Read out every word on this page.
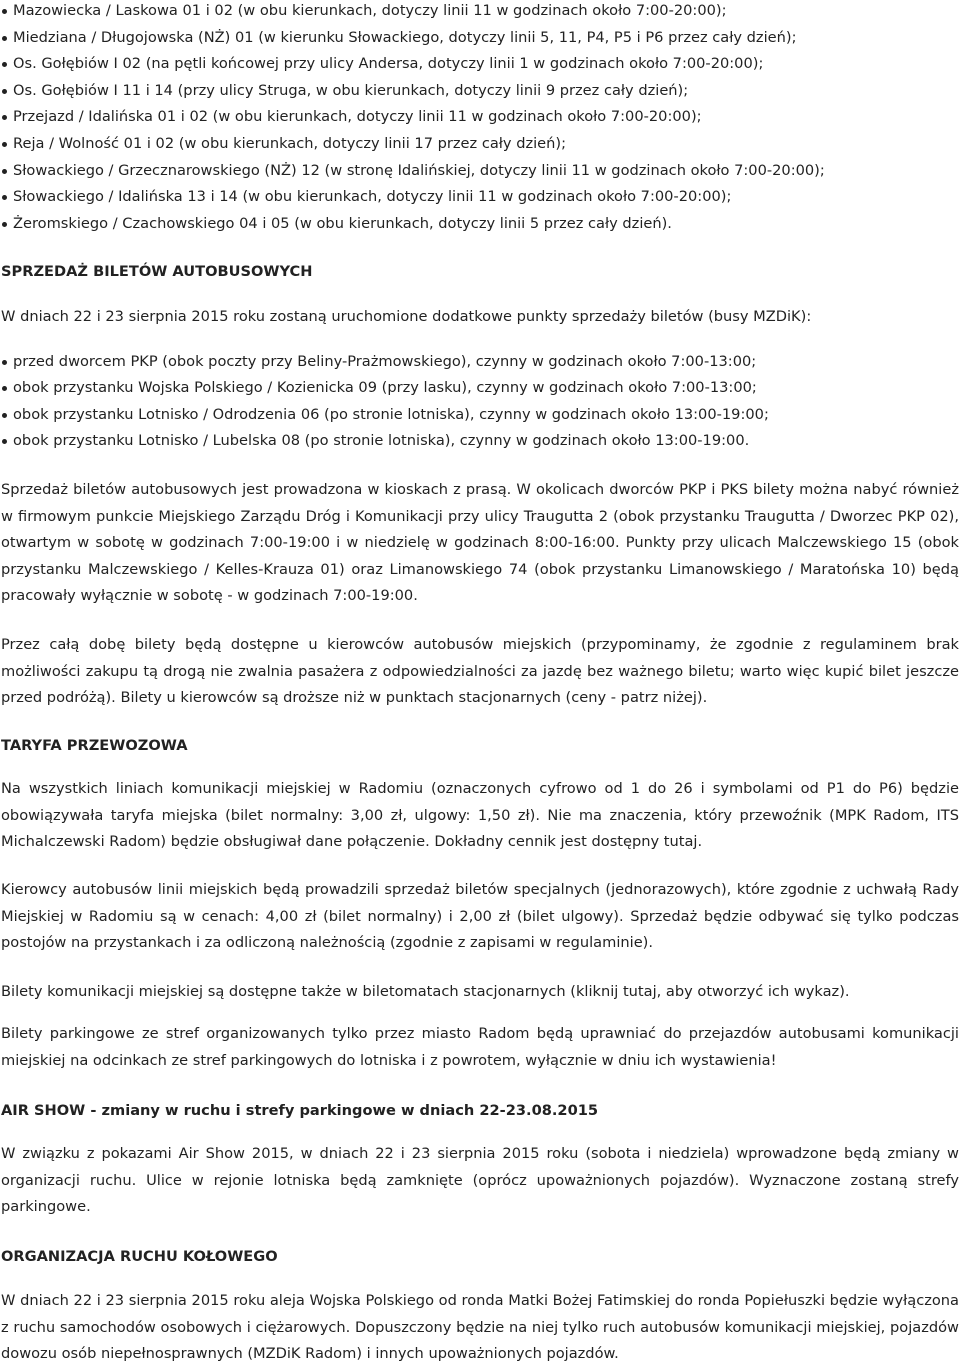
Mazowiecka / Laskowa 01 i 02 (w obu kierunkach, dotyczy linii 11 w godzinach około 7:00-20:00);
Miedziana / Długojowska (NŻ) 01 (w kierunku Słowackiego, dotyczy linii 5, 11, P4, P5 i P6 przez cały dzień);
Os. Gołębiów I 02 (na pętli końcowej przy ulicy Andersa, dotyczy linii 1 w godzinach około 7:00-20:00);
Os. Gołębiów I 11 i 14 (przy ulicy Struga, w obu kierunkach, dotyczy linii 9 przez cały dzień);
Przejazd / Idalińska 01 i 02 (w obu kierunkach, dotyczy linii 11 w godzinach około 7:00-20:00);
Reja / Wolność 01 i 02 (w obu kierunkach, dotyczy linii 17 przez cały dzień);
Słowackiego / Grzecznarowskiego (NŻ) 12 (w stronę Idalińskiej, dotyczy linii 11 w godzinach około 7:00-20:00);
Słowackiego / Idalińska 13 i 14 (w obu kierunkach, dotyczy linii 11 w godzinach około 7:00-20:00);
Żeromskiego / Czachowskiego 04 i 05 (w obu kierunkach, dotyczy linii 5 przez cały dzień).
SPRZEDAŻ BILETÓW AUTOBUSOWYCH

W dniach 22 i 23 sierpnia 2015 roku zostaną uruchomione dodatkowe punkty sprzedaży biletów (busy MZDiK):

przed dworcem PKP (obok poczty przy Beliny-Prażmowskiego), czynny w godzinach około 7:00-13:00;
obok przystanku Wojska Polskiego / Kozienicka 09 (przy lasku), czynny w godzinach około 7:00-13:00;
obok przystanku Lotnisko / Odrodzenia 06 (po stronie lotniska), czynny w godzinach około 13:00-19:00;
obok przystanku Lotnisko / Lubelska 08 (po stronie lotniska), czynny w godzinach około 13:00-19:00.

Sprzedaż biletów autobusowych jest prowadzona w kioskach z prasą. W okolicach dworców PKP i PKS bilety można nabyć również w firmowym punkcie Miejskiego Zarządu Dróg i Komunikacji przy ulicy Traugutta 2 (obok przystanku Traugutta / Dworzec PKP 02), otwartym w sobotę w godzinach 7:00-19:00 i w niedzielę w godzinach 8:00-16:00. Punkty przy ulicach Malczewskiego 15 (obok przystanku Malczewskiego / Kelles-Krauza 01) oraz Limanowskiego 74 (obok przystanku Limanowskiego / Maratońska 10) będą pracowały wyłącznie w sobotę - w godzinach 7:00-19:00.

Przez całą dobę bilety będą dostępne u kierowców autobusów miejskich (przypominamy, że zgodnie z regulaminem brak możliwości zakupu tą drogą nie zwalnia pasażera z odpowiedzialności za jazdę bez ważnego biletu; warto więc kupić bilet jeszcze przed podróżą). Bilety u kierowców są droższe niż w punktach stacjonarnych (ceny - patrz niżej).

TARYFA PRZEWOZOWA

Na wszystkich liniach komunikacji miejskiej w Radomiu (oznaczonych cyfrowo od 1 do 26 i symbolami od P1 do P6) będzie obowiązywała taryfa miejska (bilet normalny: 3,00 zł, ulgowy: 1,50 zł). Nie ma znaczenia, który przewoźnik (MPK Radom, ITS Michalczewski Radom) będzie obsługiwał dane połączenie. Dokładny cennik jest dostępny tutaj.

Kierowcy autobusów linii miejskich będą prowadzili sprzedaż biletów specjalnych (jednorazowych), które zgodnie z uchwałą Rady Miejskiej w Radomiu są w cenach: 4,00 zł (bilet normalny) i 2,00 zł (bilet ulgowy). Sprzedaż będzie odbywać się tylko podczas postojów na przystankach i za odliczoną należnością (zgodnie z zapisami w regulaminie).

Bilety komunikacji miejskiej są dostępne także w biletomatach stacjonarnych (kliknij tutaj, aby otworzyć ich wykaz).

Bilety parkingowe ze stref organizowanych tylko przez miasto Radom będą uprawniać do przejazdów autobusami komunikacji miejskiej na odcinkach ze stref parkingowych do lotniska i z powrotem, wyłącznie w dniu ich wystawienia!

AIR SHOW - zmiany w ruchu i strefy parkingowe w dniach 22-23.08.2015

W związku z pokazami Air Show 2015, w dniach 22 i 23 sierpnia 2015 roku (sobota i niedziela) wprowadzone będą zmiany w organizacji ruchu. Ulice w rejonie lotniska będą zamknięte (oprócz upoważnionych pojazdów). Wyznaczone zostaną strefy parkingowe.

ORGANIZACJA RUCHU KOŁOWEGO

W dniach 22 i 23 sierpnia 2015 roku aleja Wojska Polskiego od ronda Matki Bożej Fatimskiej do ronda Popiełuszki będzie wyłączona z ruchu samochodów osobowych i ciężarowych. Dopuszczony będzie na niej tylko ruch autobusów komunikacji miejskiej, pojazdów dowozu osób niepełnosprawnych (MZDiK Radom) i innych upoważnionych pojazdów.
